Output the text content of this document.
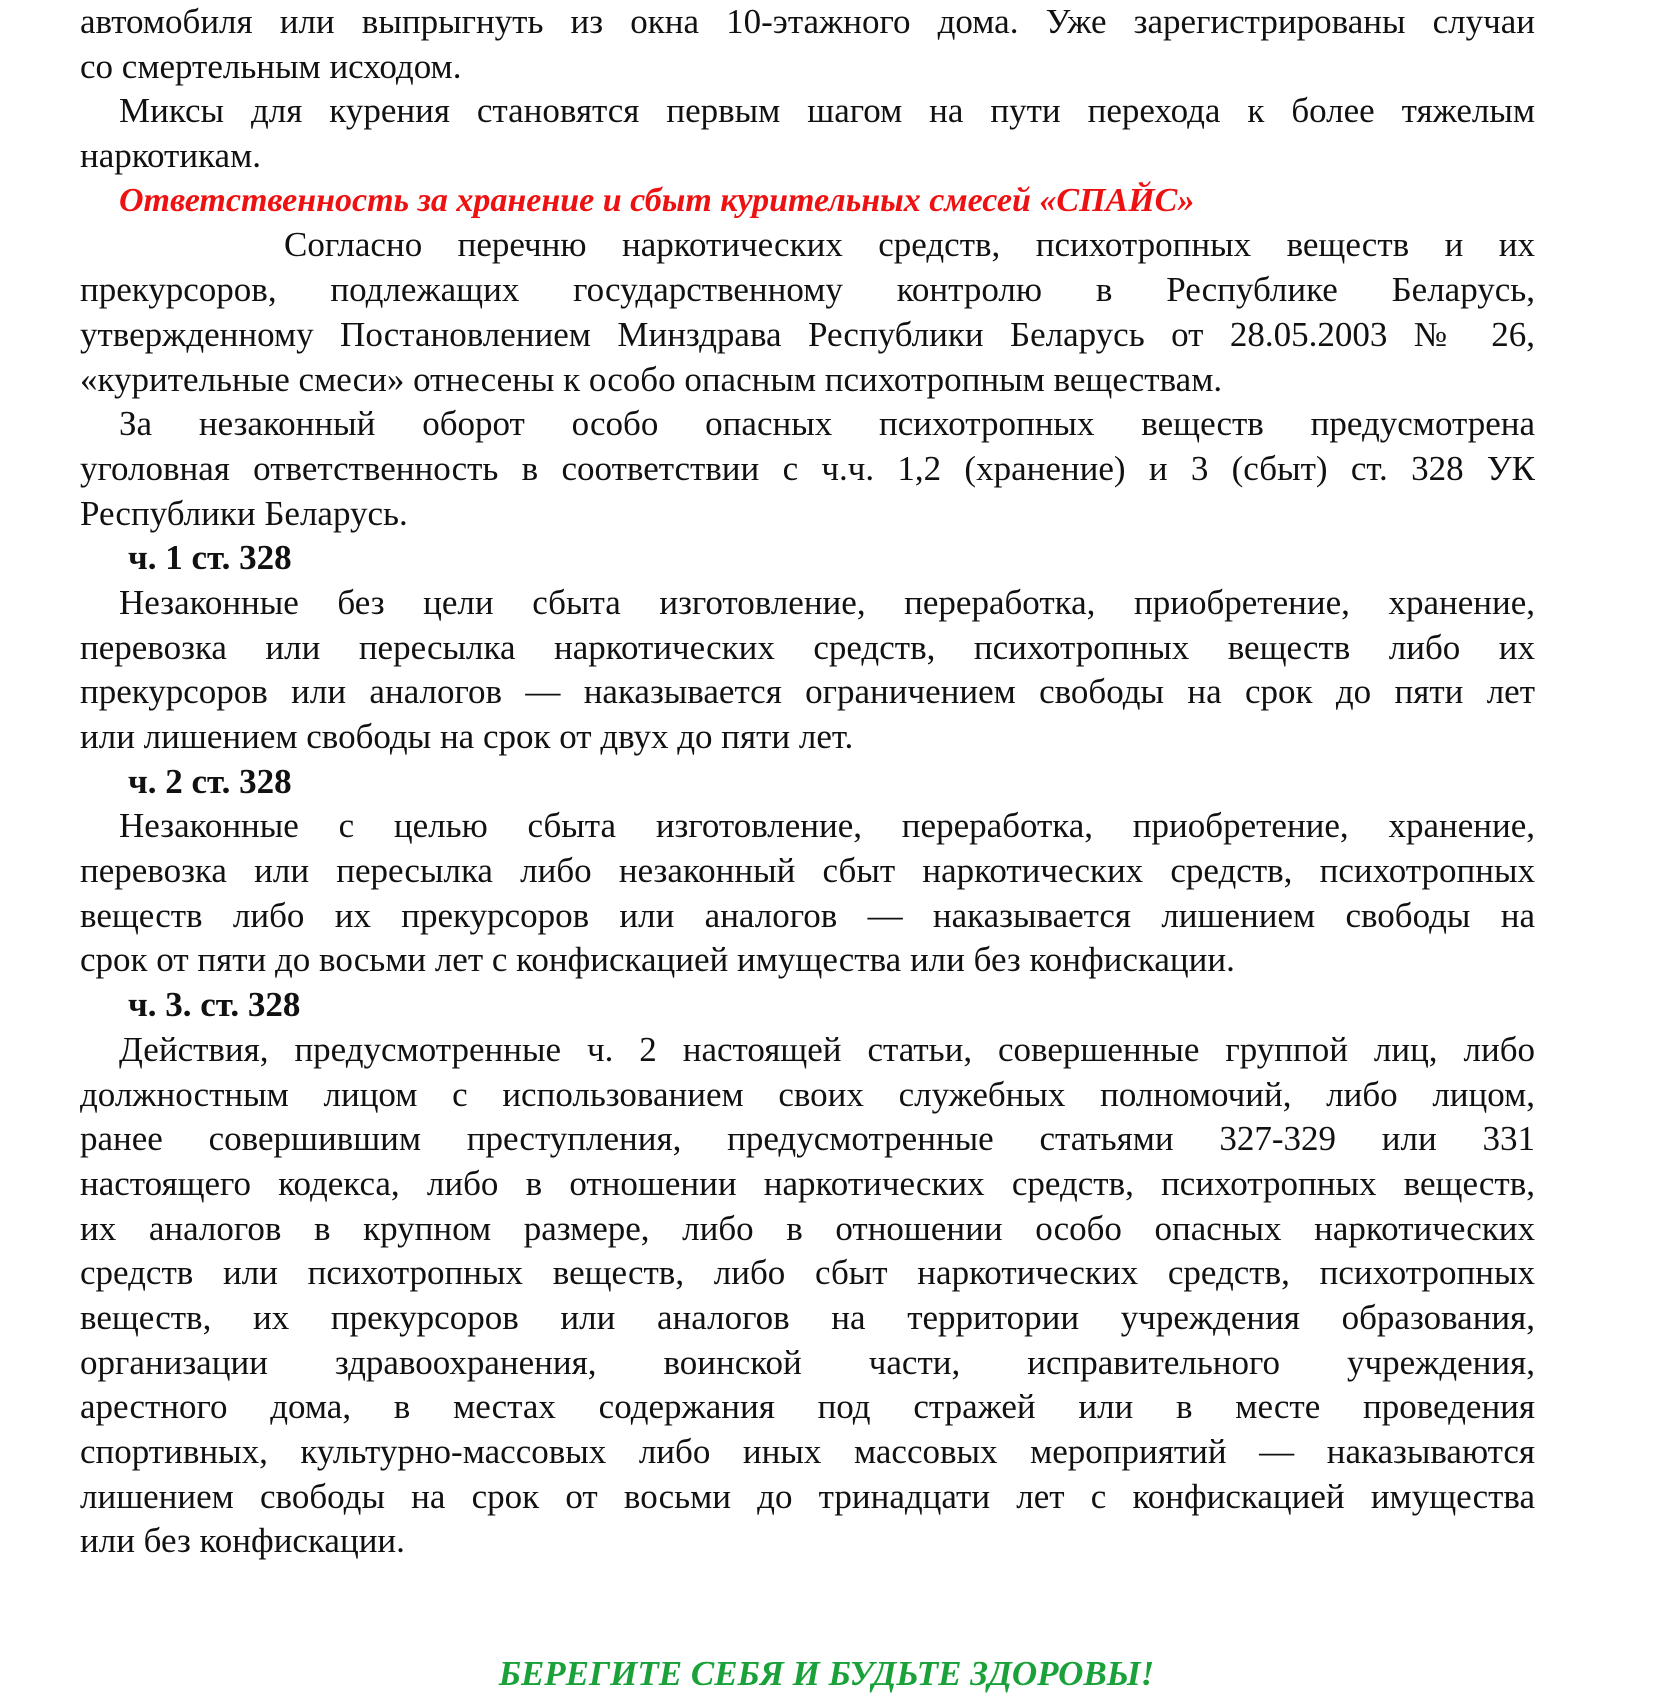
автомобиля или выпрыгнуть из окна 10-этажного дома. Уже зарегистрированы случаи
со смертельным исходом.
Миксы для курения становятся первым шагом на пути перехода к более тяжелым
наркотикам.
Ответственность за хранение и сбыт курительных смесей «СПАЙС»
Согласно перечню наркотических средств, психотропных веществ и их
прекурсоров, подлежащих государственному контролю в Республике Беларусь,
утвержденному Постановлением Минздрава Республики Беларусь от 28.05.2003 № 26,
«курительные смеси» отнесены к особо опасным психотропным веществам.
За незаконный оборот особо опасных психотропных веществ предусмотрена
уголовная ответственность в соответствии с ч.ч. 1,2 (хранение) и 3 (сбыт) ст. 328 УК
Республики Беларусь.
ч. 1 ст. 328
Незаконные без цели сбыта изготовление, переработка, приобретение, хранение,
перевозка или пересылка наркотических средств, психотропных веществ либо их
прекурсоров или аналогов — наказывается ограничением свободы на срок до пяти лет
или лишением свободы на срок от двух до пяти лет.
ч. 2 ст. 328
Незаконные с целью сбыта изготовление, переработка, приобретение, хранение,
перевозка или пересылка либо незаконный сбыт наркотических средств, психотропных
веществ либо их прекурсоров или аналогов — наказывается лишением свободы на
срок от пяти до восьми лет с конфискацией имущества или без конфискации.
ч. 3. ст. 328
Действия, предусмотренные ч. 2 настоящей статьи, совершенные группой лиц, либо
должностным лицом с использованием своих служебных полномочий, либо лицом,
ранее совершившим преступления, предусмотренные статьями 327-329 или 331
настоящего кодекса, либо в отношении наркотических средств, психотропных веществ,
их аналогов в крупном размере, либо в отношении особо опасных наркотических
средств или психотропных веществ, либо сбыт наркотических средств, психотропных
веществ, их прекурсоров или аналогов на территории учреждения образования,
организации здравоохранения, воинской части, исправительного учреждения,
арестного дома, в местах содержания под стражей или в месте проведения
спортивных, культурно-массовых либо иных массовых мероприятий — наказываются
лишением свободы на срок от восьми до тринадцати лет с конфискацией имущества
или без конфискации.
БЕРЕГИТЕ СЕБЯ И БУДЬТЕ ЗДОРОВЫ!
